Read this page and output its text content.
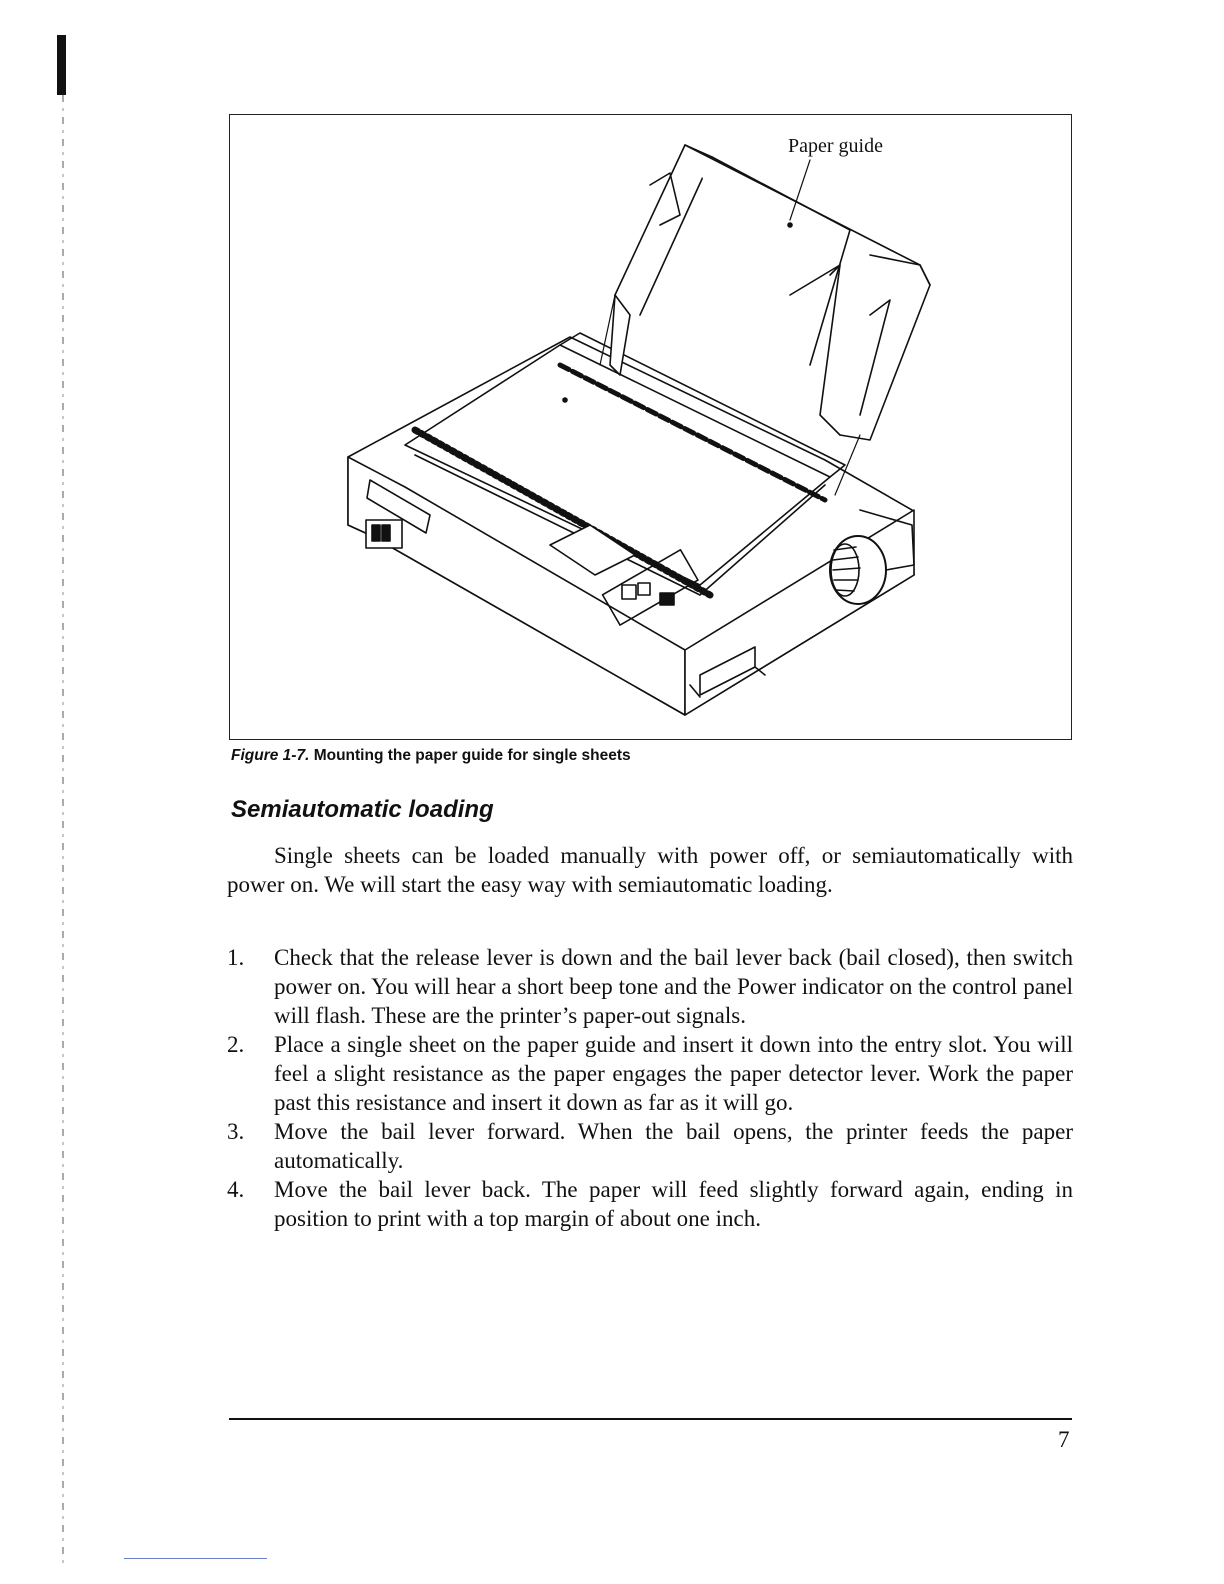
Paper guide
Figure 1-7. Mounting the paper guide for single sheets
Semiautomatic loading

Single sheets can be loaded manually with power off, or semiautomatically with power on. We will start the easy way with semiautomatic loading.

1. Check that the release lever is down and the bail lever back (bail closed), then switch power on. You will hear a short beep tone and the Power indicator on the control panel will flash. These are the printer’s paper-out signals.
2. Place a single sheet on the paper guide and insert it down into the entry slot. You will feel a slight resistance as the paper engages the paper detector lever. Work the paper past this resistance and insert it down as far as it will go.
3. Move the bail lever forward. When the bail opens, the printer feeds the paper automatically.
4. Move the bail lever back. The paper will feed slightly forward again, ending in position to print with a top margin of about one inch.
7
